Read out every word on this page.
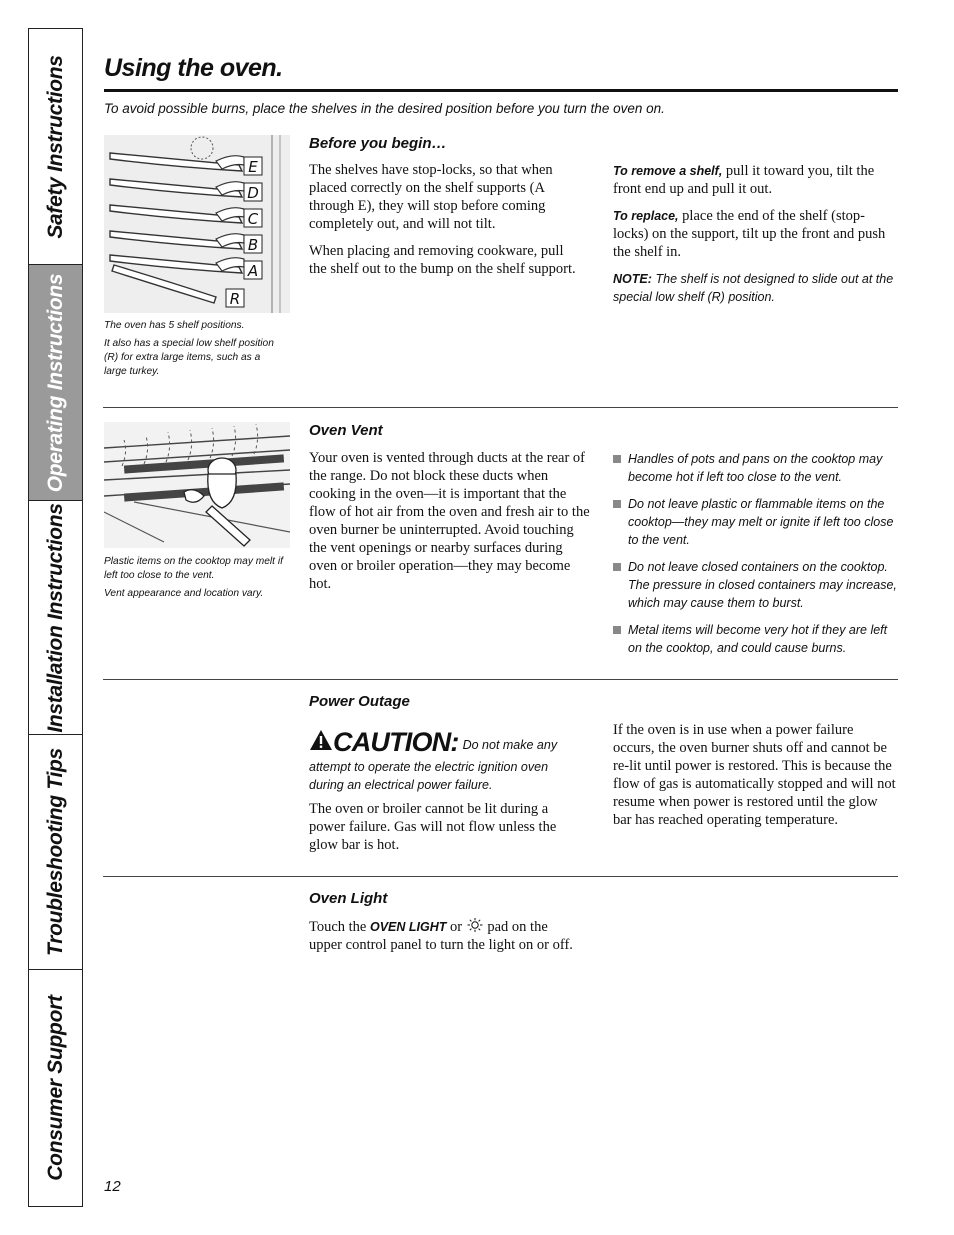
Safety Instructions
Operating Instructions
Installation Instructions
Troubleshooting Tips
Consumer Support
Using the oven.
To avoid possible burns, place the shelves in the desired position before you turn the oven on.
E
D
C
B
A
R

The oven has 5 shelf positions.

It also has a special low shelf position (R) for extra large items, such as a large turkey.

Before you begin…

The shelves have stop-locks, so that when placed correctly on the shelf supports (A through E), they will stop before coming completely out, and will not tilt.

When placing and removing cookware, pull the shelf out to the bump on the shelf support.

To remove a shelf, pull it toward you, tilt the front end up and pull it out.

To replace, place the end of the shelf (stop-locks) on the support, tilt up the front and push the shelf in.

NOTE: The shelf is not designed to slide out at the special low shelf (R) position.

Plastic items on the cooktop may melt if left too close to the vent.

Vent appearance and location vary.

Oven Vent

Your oven is vented through ducts at the rear of the range. Do not block these ducts when cooking in the oven—it is important that the flow of hot air from the oven and fresh air to the oven burner be uninterrupted. Avoid touching the vent openings or nearby surfaces during oven or broiler operation—they may become hot.

Handles of pots and pans on the cooktop may become hot if left too close to the vent.
Do not leave plastic or flammable items on the cooktop—they may melt or ignite if left too close to the vent.
Do not leave closed containers on the cooktop. The pressure in closed containers may increase, which may cause them to burst.
Metal items will become very hot if they are left on the cooktop, and could cause burns.
Power Outage
CAUTION: Do not make any attempt to operate the electric ignition oven during an electrical power failure.

The oven or broiler cannot be lit during a power failure. Gas will not flow unless the glow bar is hot.

If the oven is in use when a power failure occurs, the oven burner shuts off and cannot be re-lit until power is restored. This is because the flow of gas is automatically stopped and will not resume when power is restored until the glow bar has reached operating temperature.

Oven Light

Touch the OVEN LIGHT or pad on the upper control panel to turn the light on or off.

12
